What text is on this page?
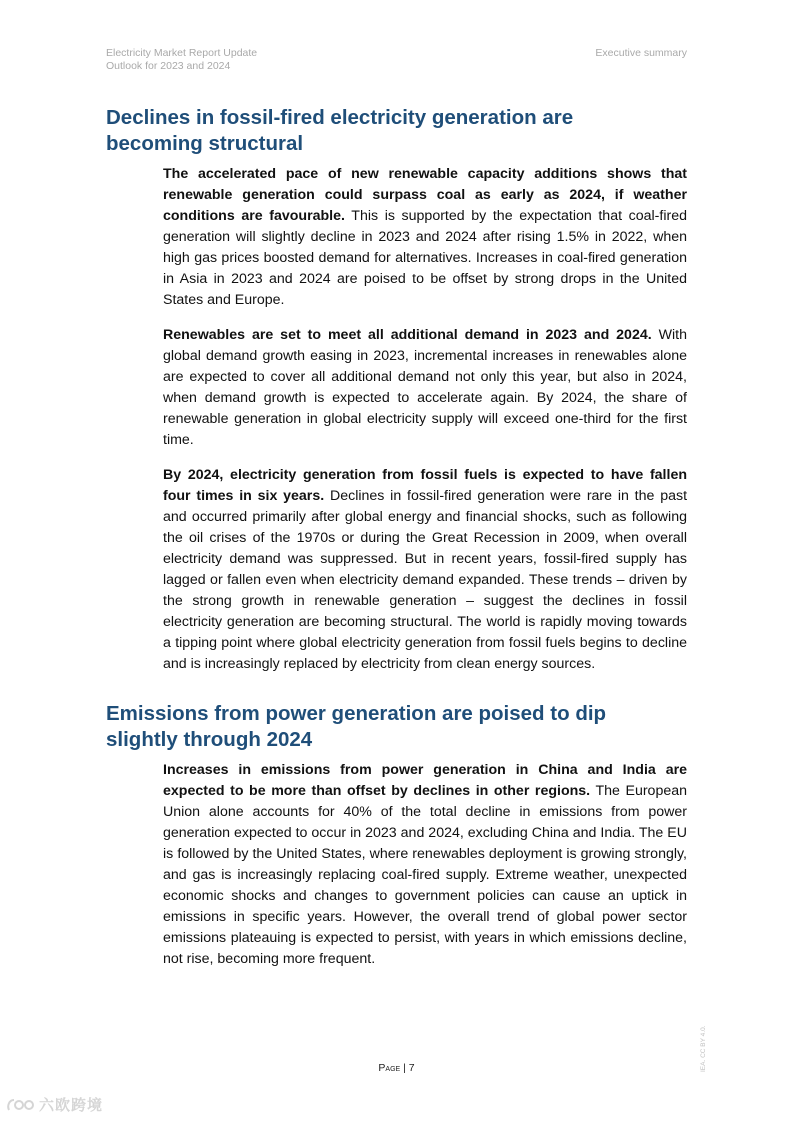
Electricity Market Report Update
Outlook for 2023 and 2024
Executive summary
Declines in fossil-fired electricity generation are becoming structural

The accelerated pace of new renewable capacity additions shows that renewable generation could surpass coal as early as 2024, if weather conditions are favourable. This is supported by the expectation that coal-fired generation will slightly decline in 2023 and 2024 after rising 1.5% in 2022, when high gas prices boosted demand for alternatives. Increases in coal-fired generation in Asia in 2023 and 2024 are poised to be offset by strong drops in the United States and Europe.

Renewables are set to meet all additional demand in 2023 and 2024. With global demand growth easing in 2023, incremental increases in renewables alone are expected to cover all additional demand not only this year, but also in 2024, when demand growth is expected to accelerate again. By 2024, the share of renewable generation in global electricity supply will exceed one-third for the first time.

By 2024, electricity generation from fossil fuels is expected to have fallen four times in six years. Declines in fossil-fired generation were rare in the past and occurred primarily after global energy and financial shocks, such as following the oil crises of the 1970s or during the Great Recession in 2009, when overall electricity demand was suppressed. But in recent years, fossil-fired supply has lagged or fallen even when electricity demand expanded. These trends – driven by the strong growth in renewable generation – suggest the declines in fossil electricity generation are becoming structural. The world is rapidly moving towards a tipping point where global electricity generation from fossil fuels begins to decline and is increasingly replaced by electricity from clean energy sources.

Emissions from power generation are poised to dip slightly through 2024

Increases in emissions from power generation in China and India are expected to be more than offset by declines in other regions. The European Union alone accounts for 40% of the total decline in emissions from power generation expected to occur in 2023 and 2024, excluding China and India. The EU is followed by the United States, where renewables deployment is growing strongly, and gas is increasingly replacing coal-fired supply. Extreme weather, unexpected economic shocks and changes to government policies can cause an uptick in emissions in specific years. However, the overall trend of global power sector emissions plateauing is expected to persist, with years in which emissions decline, not rise, becoming more frequent.

IEA. CC BY 4.0.
Page | 7
六欧跨境
